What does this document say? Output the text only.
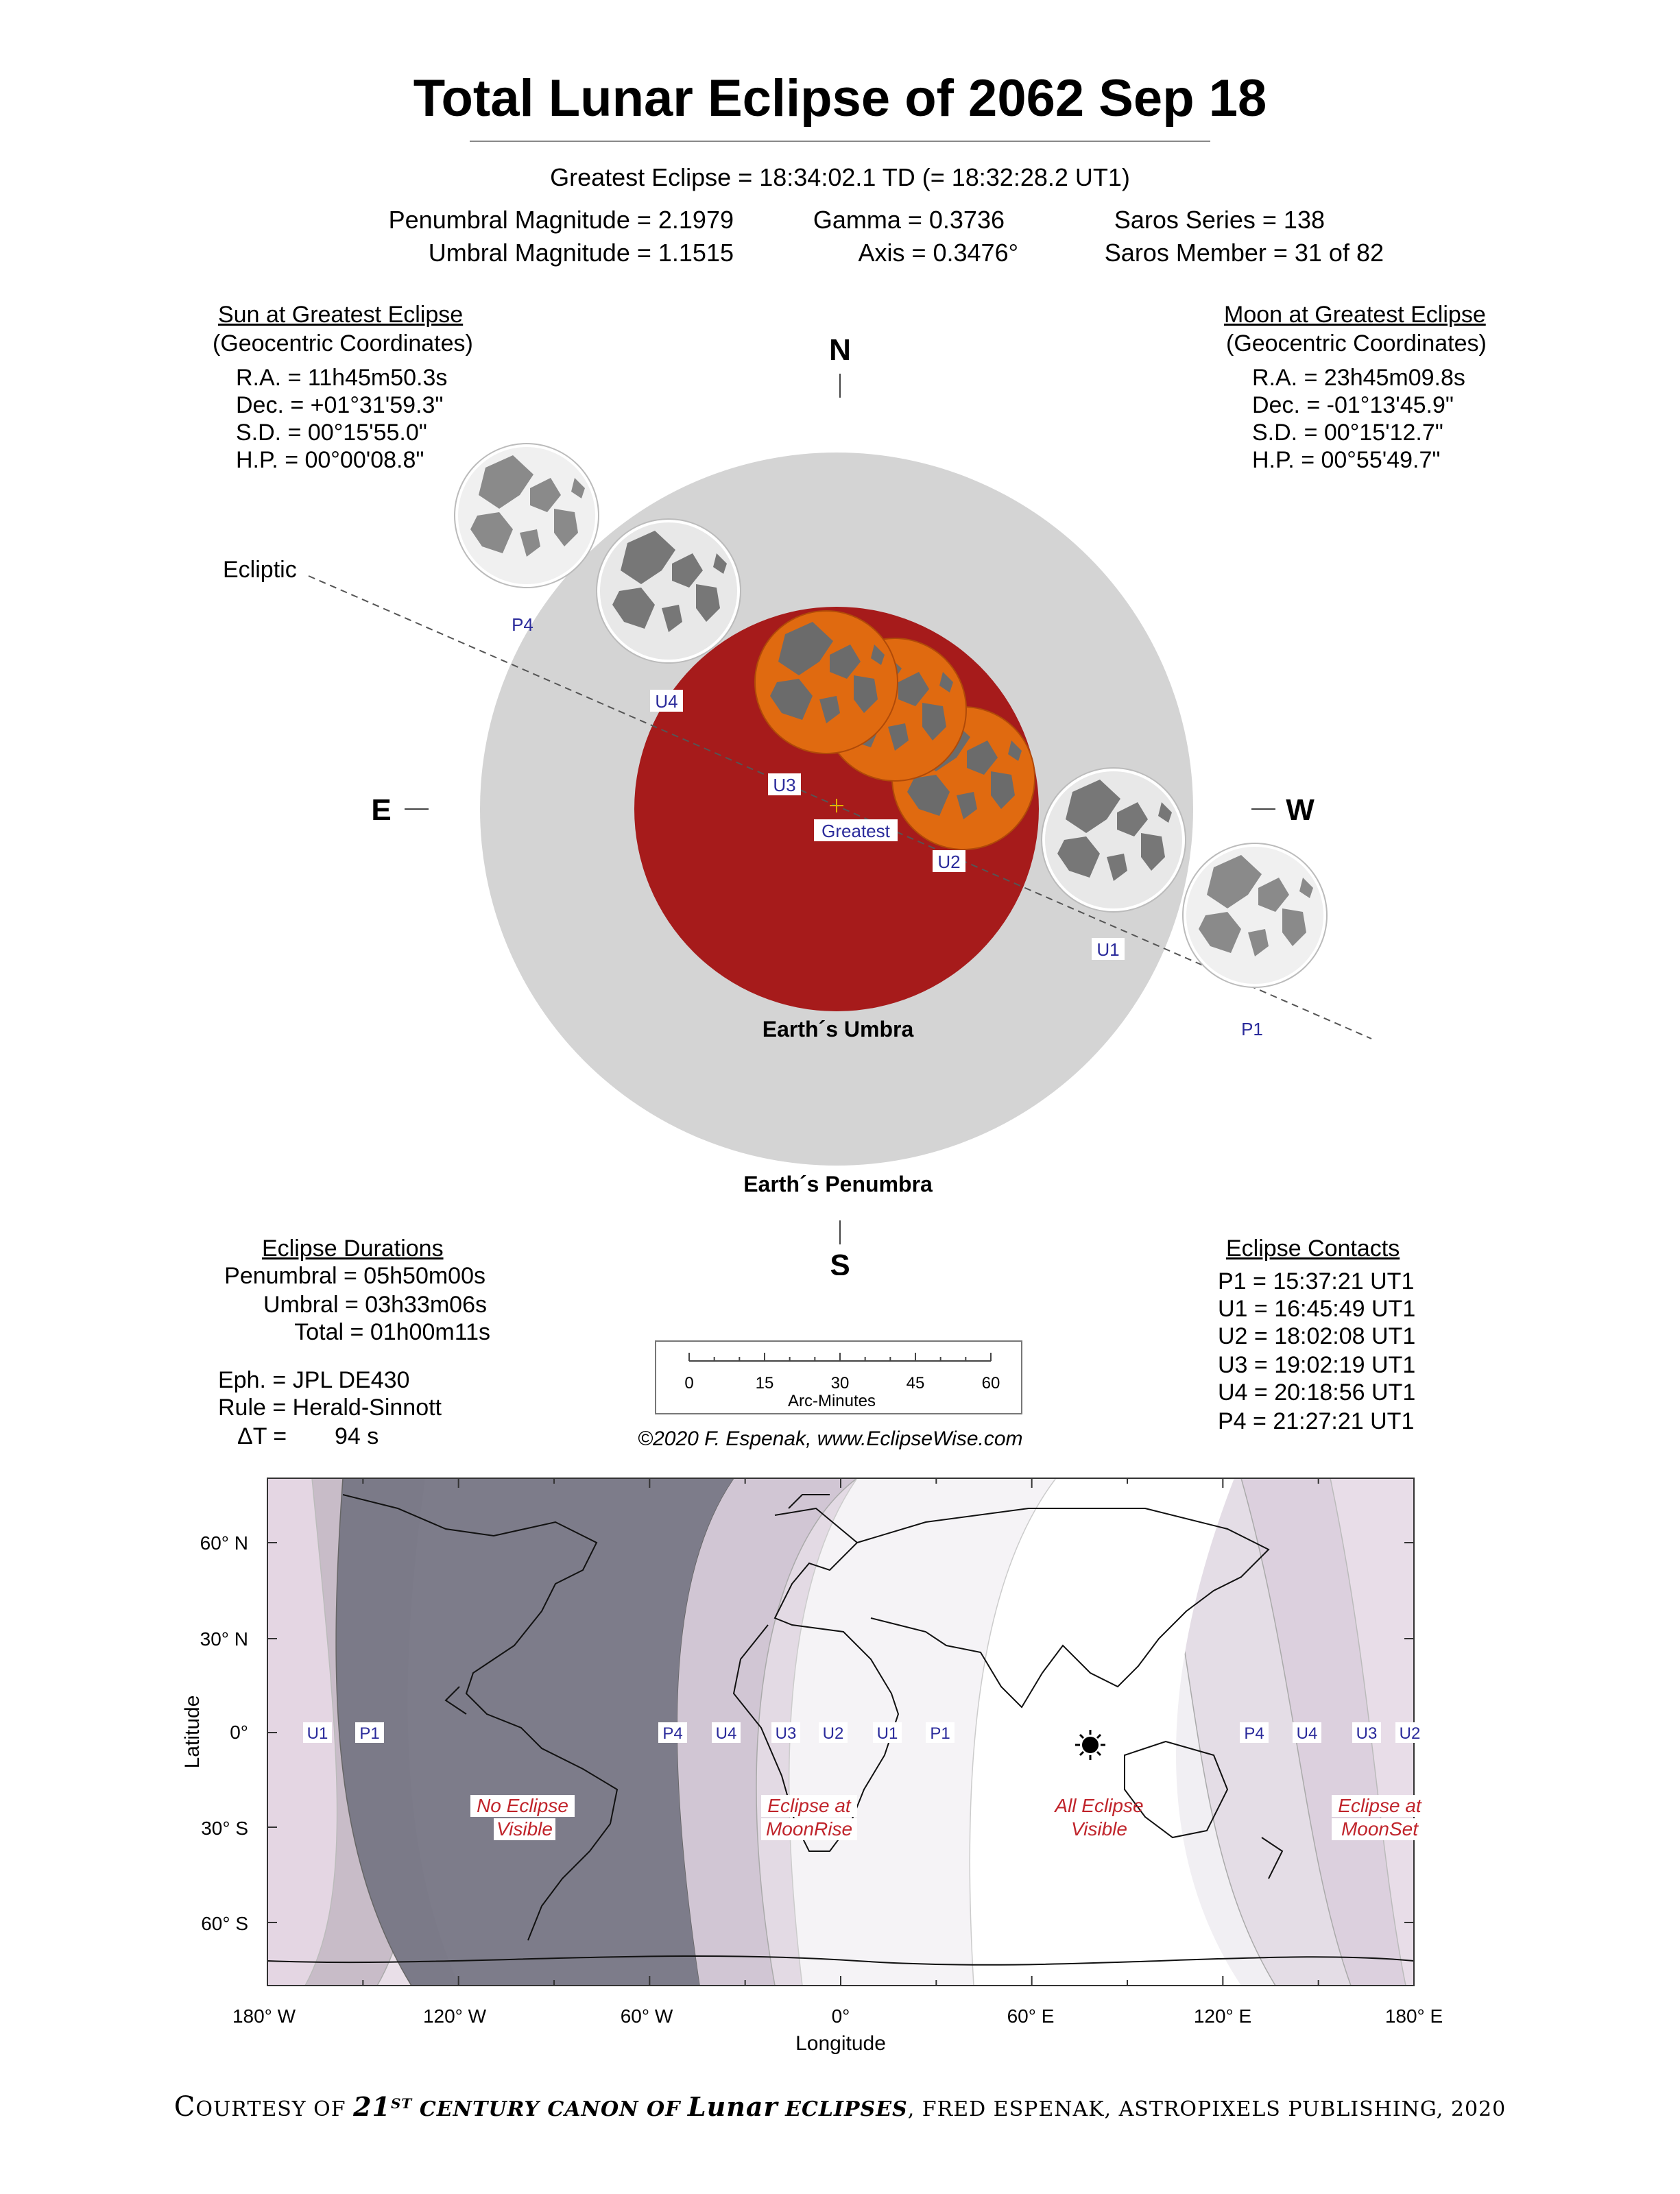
Total Lunar Eclipse of 2062 Sep 18
Greatest Eclipse = 18:34:02.1 TD (= 18:32:28.2 UT1)
Penumbral Magnitude = 2.1979
Umbral Magnitude = 1.1515
Gamma = 0.3736
Axis = 0.3476°
Saros Series = 138
Saros Member = 31 of 82
Sun at Greatest Eclipse
(Geocentric Coordinates)
R.A. = 11h45m50.3s
Dec. = +01°31'59.3"
S.D. = 00°15'55.0"
H.P. = 00°00'08.8"
Moon at Greatest Eclipse
(Geocentric Coordinates)
R.A. = 23h45m09.8s
Dec. = -01°13'45.9"
S.D. = 00°15'12.7"
H.P. = 00°55'49.7"
U4
U3
Greatest
U2
U1
P4
P1
Ecliptic
Earth´s Umbra
Earth´s Penumbra
N
S
E	W
Eclipse Durations
Penumbral = 05h50m00s
Umbral = 03h33m06s
Total = 01h00m11s
Eph. = JPL DE430
Rule = Herald-Sinnott
ΔT = 94 s
Eclipse Contacts
P1 = 15:37:21 UT1
U1 = 16:45:49 UT1
U2 = 18:02:08 UT1
U3 = 19:02:19 UT1
U4 = 20:18:56 UT1
P4 = 21:27:21 UT1
0	15	30	45	60
Arc-Minutes
©2020 F. Espenak, www.EclipseWise.com
60° N
30° N
0°
30° S
60° S
180° W	120° W	60° W	0°	60° E	120° E	180° E
Longitude
Latitude	U1 P1	P4 U4 U3 U2 U1 P1	P4 U4 U3 U2
No Eclipse
Visible
Eclipse at
MoonRise
All Eclipse
Visible
Eclipse at
MoonSet
COURTESY OF 21ST CENTURY CANON OF Lunar ECLIPSES, FRED ESPENAK, ASTROPIXELS PUBLISHING, 2020
